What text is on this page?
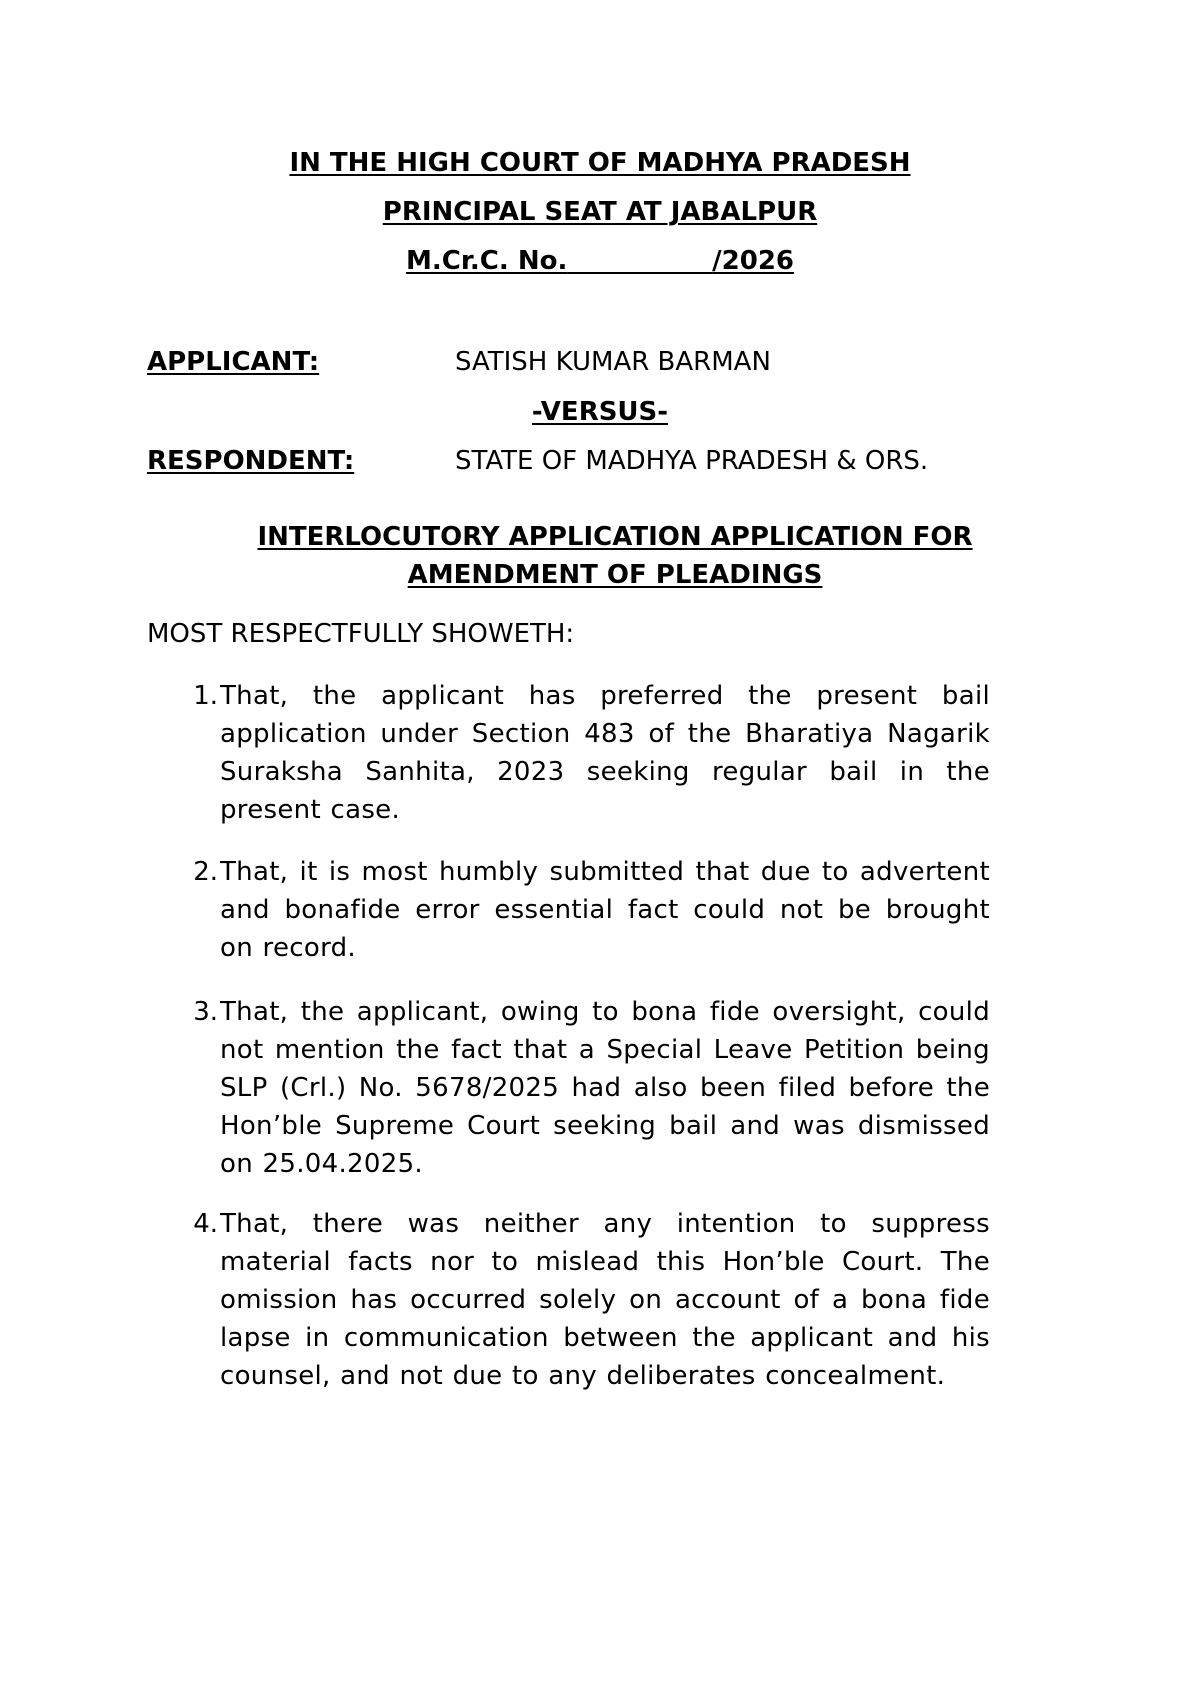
IN THE HIGH COURT OF MADHYA PRADESH
PRINCIPAL SEAT AT JABALPUR
M.Cr.C. No.	/2026
APPLICANT:	SATISH KUMAR BARMAN
-VERSUS-
RESPONDENT:	STATE OF MADHYA PRADESH & ORS.
INTERLOCUTORY APPLICATION APPLICATION FOR AMENDMENT OF PLEADINGS
MOST RESPECTFULLY SHOWETH:
1. That, the applicant has preferred the present bail application under Section 483 of the Bharatiya Nagarik Suraksha Sanhita, 2023 seeking regular bail in the present case.
2. That, it is most humbly submitted that due to advertent and bonafide error essential fact could not be brought on record.
3. That, the applicant, owing to bona fide oversight, could not mention the fact that a Special Leave Petition being SLP (Crl.) No. 5678/2025 had also been filed before the Hon’ble Supreme Court seeking bail and was dismissed on 25.04.2025.
4. That, there was neither any intention to suppress material facts nor to mislead this Hon’ble Court. The omission has occurred solely on account of a bona fide lapse in communication between the applicant and his counsel, and not due to any deliberates concealment.
